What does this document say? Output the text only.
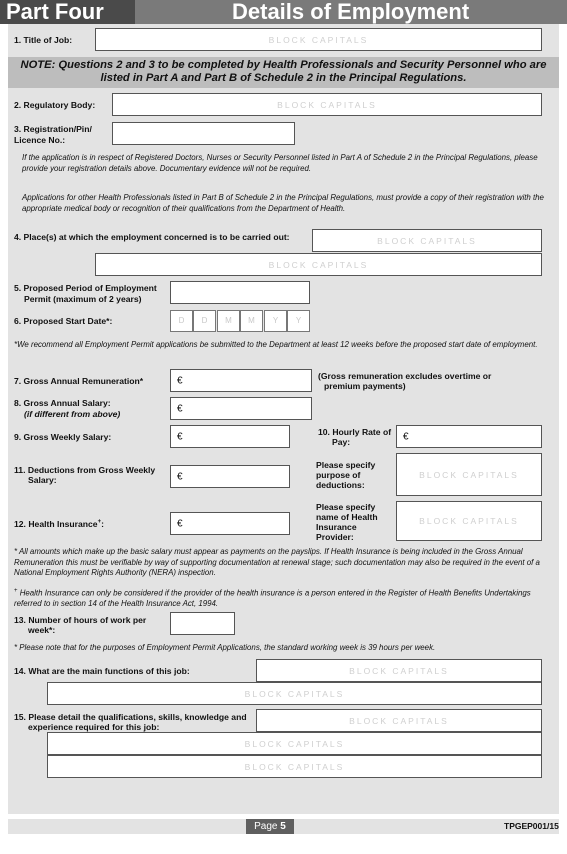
Part Four	Details of Employment
1. Title of Job:	BLOCK CAPITALS
NOTE: Questions 2 and 3 to be completed by Health Professionals and Security Personnel who are listed in Part A and Part B of Schedule 2 in the Principal Regulations.
2. Regulatory Body:	BLOCK CAPITALS
3. Registration/Pin/
Licence No.:
If the application is in respect of Registered Doctors, Nurses or Security Personnel listed in Part A of Schedule 2 in the Principal Regulations, please provide your registration details above. Documentary evidence will not be required.
Applications for other Health Professionals listed in Part B of Schedule 2 in the Principal Regulations, must provide a copy of their registration with the appropriate medical body or recognition of their qualifications from the Department of Health.
4. Place(s) at which the employment concerned is to be carried out:	BLOCK CAPITALS
BLOCK CAPITALS
5. Proposed Period of Employment
Permit (maximum of 2 years)
6. Proposed Start Date*:	D	D	M	M	Y	Y
*We recommend all Employment Permit applications be submitted to the Department at least 12 weeks before the proposed start date of employment.
7. Gross Annual Remuneration*	€	(Gross remuneration excludes overtime or
premium payments)
8. Gross Annual Salary:
(if different from above)	€
9. Gross Weekly Salary:	€	10. Hourly Rate of
Pay:	€
11. Deductions from Gross Weekly
Salary:	€
Please specify
purpose of
deductions:
BLOCK CAPITALS
12. Health Insurance+:	€
Please specify
name of Health
Insurance
Provider:
BLOCK CAPITALS
* All amounts which make up the basic salary must appear as payments on the payslips. If Health Insurance is being included in the Gross Annual Remuneration this must be verifiable by way of supporting documentation at renewal stage; such documentation may also be required in the event of a National Employment Rights Authority (NERA) inspection.
+ Health Insurance can only be considered if the provider of the health insurance is a person entered in the Register of Health Benefits Undertakings referred to in section 14 of the Health Insurance Act, 1994.
13. Number of hours of work per
week*:
* Please note that for the purposes of Employment Permit Applications, the standard working week is 39 hours per week.
14. What are the main functions of this job:	BLOCK CAPITALS
BLOCK CAPITALS
15. Please detail the qualifications, skills, knowledge and
experience required for this job:
BLOCK CAPITALS
BLOCK CAPITALS
BLOCK CAPITALS
Page 5	TPGEP001/15
